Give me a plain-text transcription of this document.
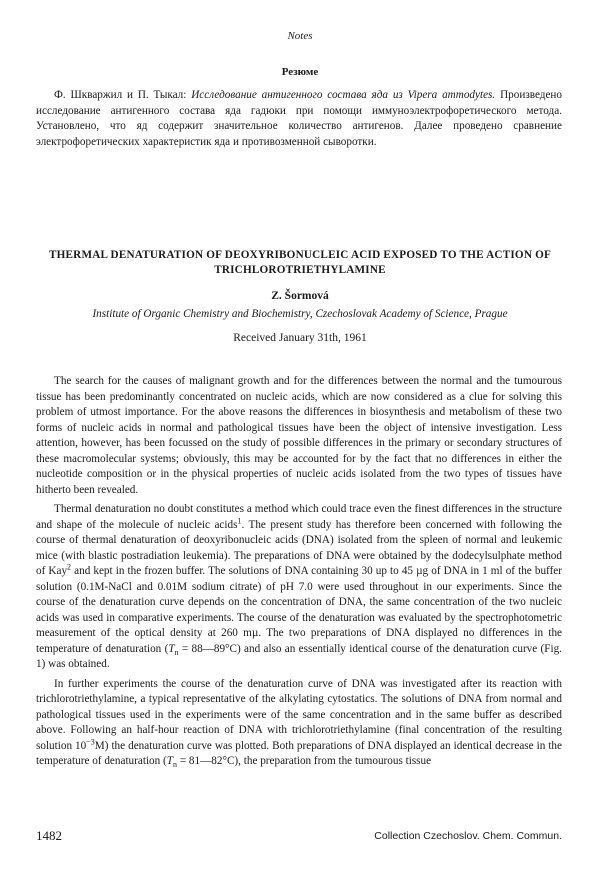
Notes
Резюме

Ф. Шкваржил и П. Тыкал: Исследование антигенного состава яда из Vipera ammodytes. Произведено исследование антигенного состава яда гадюки при помощи иммуноэлектрофоретического метода. Установлено, что яд содержит значительное количество антигенов. Далее проведено сравнение электрофоретических характеристик яда и противозменной сыворотки.

THERMAL DENATURATION OF DEOXYRIBONUCLEIC ACID EXPOSED TO THE ACTION OF TRICHLOROTRIETHYLAMINE
Z. Šormová
Institute of Organic Chemistry and Biochemistry, Czechoslovak Academy of Science, Prague
Received January 31th, 1961

The search for the causes of malignant growth and for the differences between the normal and the tumourous tissue has been predominantly concentrated on nucleic acids, which are now considered as a clue for solving this problem of utmost importance. For the above reasons the differences in biosynthesis and metabolism of these two forms of nucleic acids in normal and pathological tissues have been the object of intensive investigation. Less attention, however, has been focussed on the study of possible differences in the primary or secondary structures of these macromolecular systems; obviously, this may be accounted for by the fact that no differences in either the nucleotide composition or in the physical properties of nucleic acids isolated from the two types of tissues have hitherto been revealed.

Thermal denaturation no doubt constitutes a method which could trace even the finest differences in the structure and shape of the molecule of nucleic acids$^1$. The present study has therefore been concerned with following the course of thermal denaturation of deoxyribonucleic acids (DNA) isolated from the spleen of normal and leukemic mice (with blastic postradiation leukemia). The preparations of DNA were obtained by the dodecylsulphate method of Kay$^2$ and kept in the frozen buffer. The solutions of DNA containing 30 up to 45 µg of DNA in 1 ml of the buffer solution (0.1M-NaCl and 0.01M sodium citrate) of pH 7.0 were used throughout in our experiments. Since the course of the denaturation curve depends on the concentration of DNA, the same concentration of the two nucleic acids was used in comparative experiments. The course of the denaturation was evaluated by the spectrophotometric measurement of the optical density at 260 mµ. The two preparations of DNA displayed no differences in the temperature of denaturation ($T_n$ = 88—89°C) and also an essentially identical course of the denaturation curve (Fig. 1) was obtained.

In further experiments the course of the denaturation curve of DNA was investigated after its reaction with trichlorotriethylamine, a typical representative of the alkylating cytostatics. The solutions of DNA from normal and pathological tissues used in the experiments were of the same concentration and in the same buffer as described above. Following an half-hour reaction of DNA with trichlorotriethylamine (final concentration of the resulting solution $10^{-3}M$) the denaturation curve was plotted. Both preparations of DNA displayed an identical decrease in the temperature of denaturation ($T_n$ = 81—82°C), the preparation from the tumourous tissue

1482	Collection Czechoslov. Chem. Commun.
